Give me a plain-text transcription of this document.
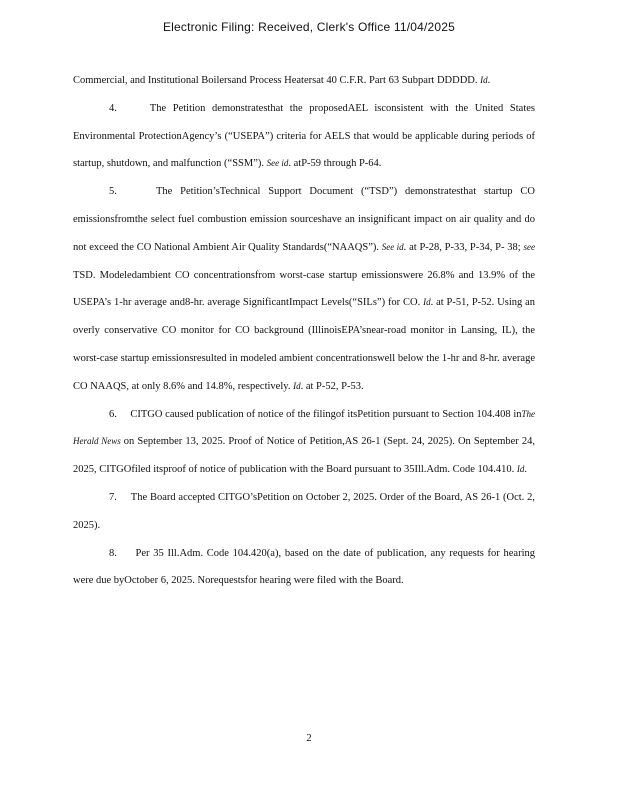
Electronic Filing: Received, Clerk's Office 11/04/2025

Commercial, and Institutional Boilersand Process Heatersat 40 C.F.R. Part 63 Subpart DDDDD. Id.

4.	The Petition demonstratesthat the proposedAEL isconsistent with the United States Environmental ProtectionAgency’s (“USEPA”) criteria for AELS that would be applicable during periods of startup, shutdown, and malfunction (“SSM”). See id. atP-59 through P-64.

5.	The Petition’sTechnical Support Document (“TSD”) demonstratesthat startup CO emissionsfromthe select fuel combustion emission sourceshave an insignificant impact on air quality and do not exceed the CO National Ambient Air Quality Standards(“NAAQS”). See id. at P-28, P-33, P-34, P- 38; see TSD. Modeledambient CO concentrationsfrom worst-case startup emissionswere 26.8% and 13.9% of the USEPA’s 1-hr average and8-hr. average SignificantImpact Levels(“SILs”) for CO. Id. at P-51, P-52. Using an overly conservative CO monitor for CO background (IllinoisEPA’snear-road monitor in Lansing, IL), the worst-case startup emissionsresulted in modeled ambient concentrationswell below the 1-hr and 8-hr. average CO NAAQS, at only 8.6% and 14.8%, respectively. Id. at P-52, P-53.

6. CITGO caused publication of notice of the filingof itsPetition pursuant to Section 104.408 inThe Herald News on September 13, 2025. Proof of Notice of Petition,AS 26-1 (Sept. 24, 2025). On September 24, 2025, CITGOfiled itsproof of notice of publication with the Board pursuant to 35Ill.Adm. Code 104.410. Id.

7. The Board accepted CITGO’sPetition on October 2, 2025. Order of the Board, AS 26-1 (Oct. 2, 2025).

8. Per 35 Ill.Adm. Code 104.420(a), based on the date of publication, any requests for hearing were due byOctober 6, 2025. Norequestsfor hearing were filed with the Board.

2
